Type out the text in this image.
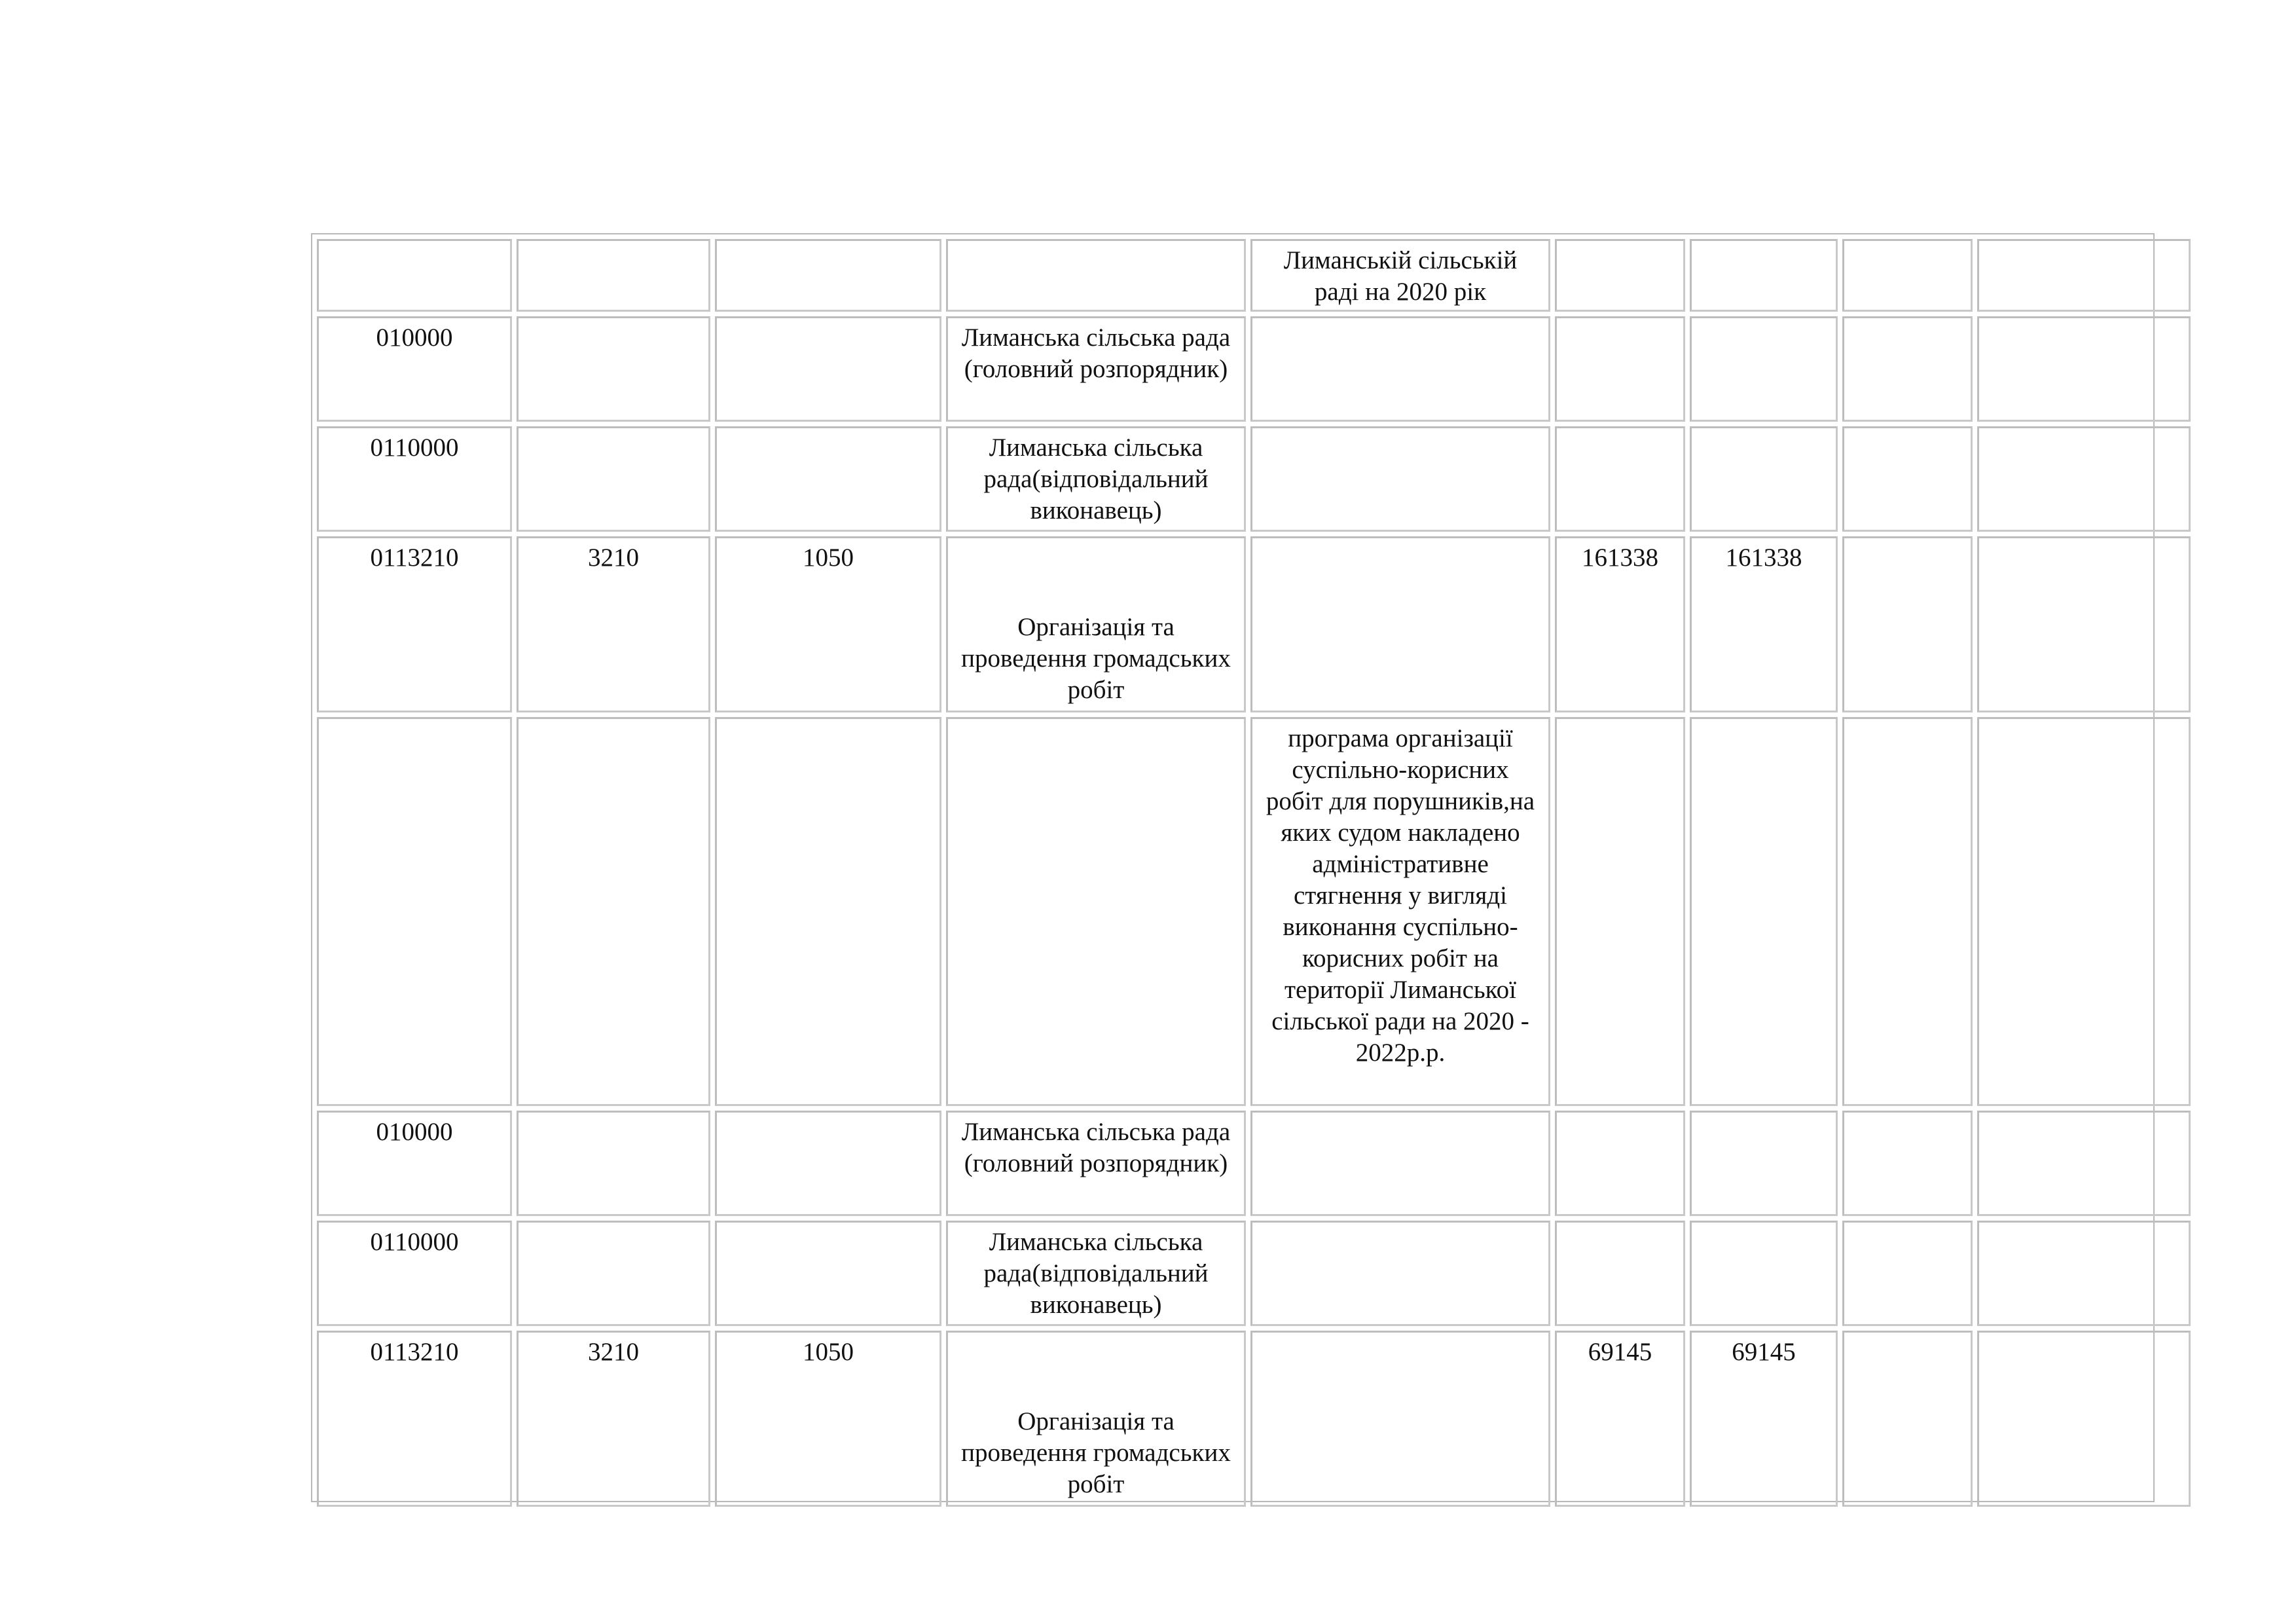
				Лиманській сільській раді на 2020 рік				
010000			Лиманська сільська рада (головний розпорядник)					
0110000			Лиманська сільська рада(відповідальний виконавець)					
0113210	3210	1050	Організація та проведення громадських робіт		161338	161338		
				програма організації суспільно-корисних робіт для порушників,на яких судом накладено адміністративне стягнення у вигляді виконання суспільно-корисних робіт на території Лиманської сільської ради на 2020 - 2022р.р.				
010000			Лиманська сільська рада (головний розпорядник)					
0110000			Лиманська сільська рада(відповідальний виконавець)					
0113210	3210	1050	Організація та проведення громадських робіт		69145	69145		
